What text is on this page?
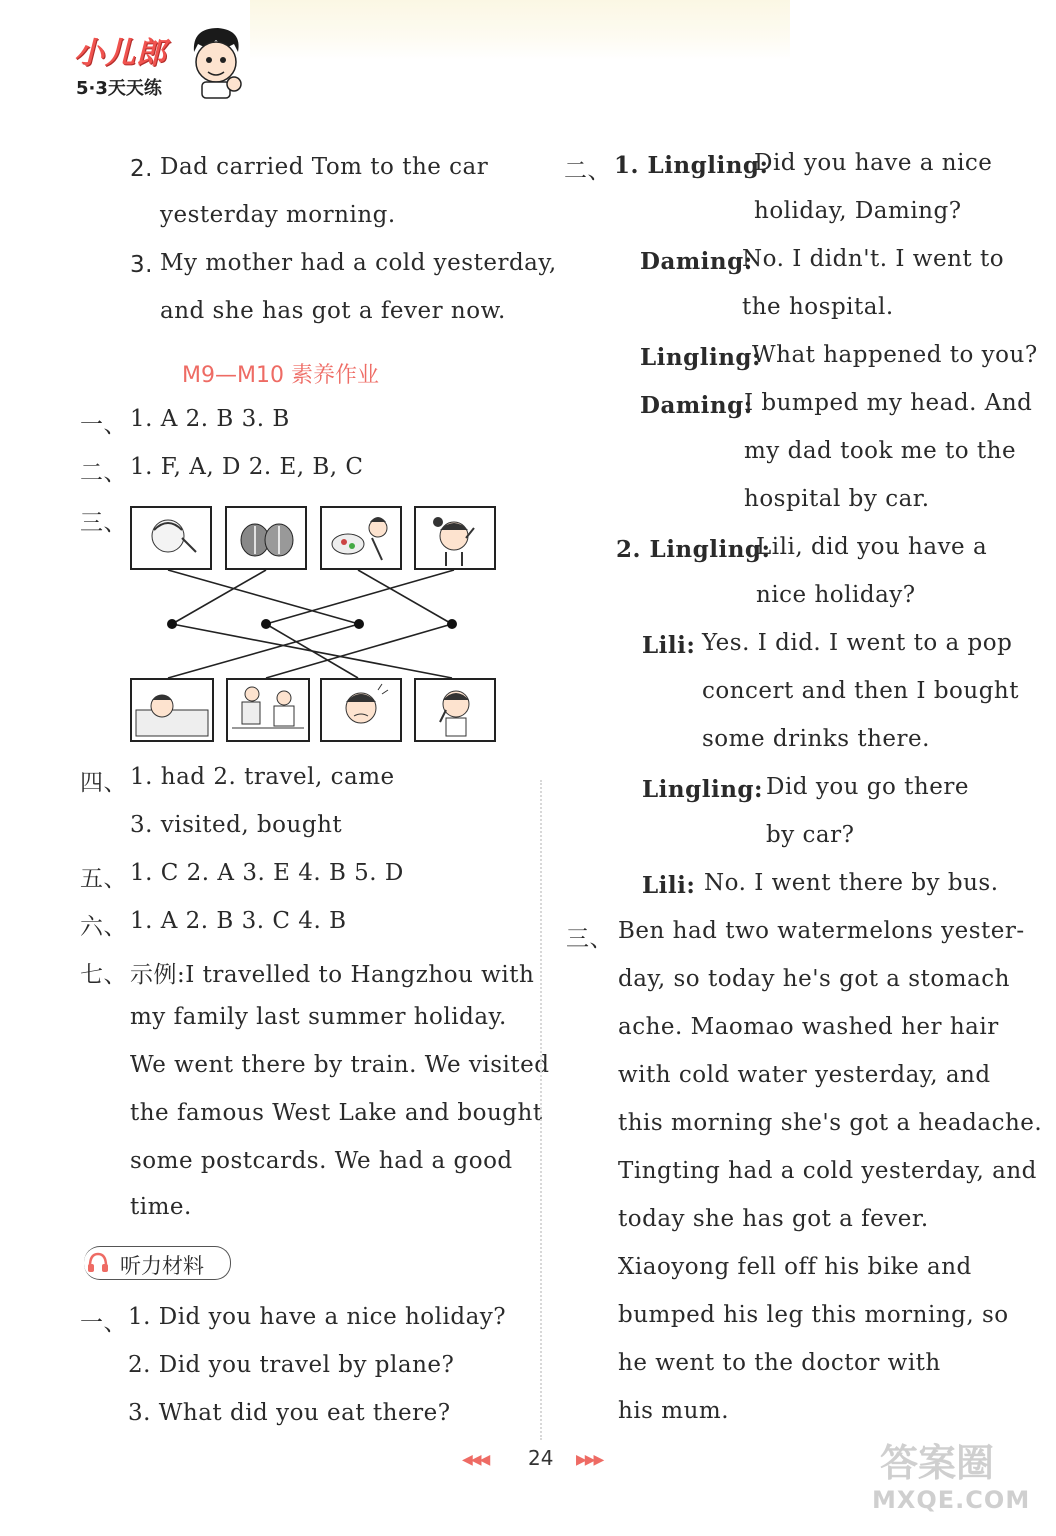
小儿郎
5·3天天练
2. Dad carried Tom to the car
yesterday morning.
3. My mother had a cold yesterday,
and she has got a fever now.
M9—M10 素养作业
一、 1. A 2. B 3. B
二、 1. F, A, D 2. E, B, C
三、
四、 1. had 2. travel, came
3. visited, bought
五、 1. C 2. A 3. E 4. B 5. D
六、 1. A 2. B 3. C 4. B
七、 示例:I travelled to Hangzhou with
my family last summer holiday.
We went there by train. We visited
the famous West Lake and bought
some postcards. We had a good
time.
听力材料
一、 1. Did you have a nice holiday?
2. Did you travel by plane?
3. What did you eat there?
二、 1. Lingling:
Did you have a nice
holiday, Daming?
Daming:
No. I didn't. I went to
the hospital.
Lingling:
What happened to you?
Daming:
I bumped my head. And
my dad took me to the
hospital by car.
2. Lingling:
Lili, did you have a
nice holiday?
Lili: Yes. I did. I went to a pop
concert and then I bought
some drinks there.
Lingling: Did you go there
by car?
Lili: No. I went there by bus.
三、 Ben had two watermelons yester-
day, so today he's got a stomach
ache. Maomao washed her hair
with cold water yesterday, and
this morning she's got a headache.
Tingting had a cold yesterday, and
today she has got a fever.
Xiaoyong fell off his bike and
bumped his leg this morning, so
he went to the doctor with
his mum.
◀◀◀ 24 ▶▶▶	答案圈
MXQE.COM
